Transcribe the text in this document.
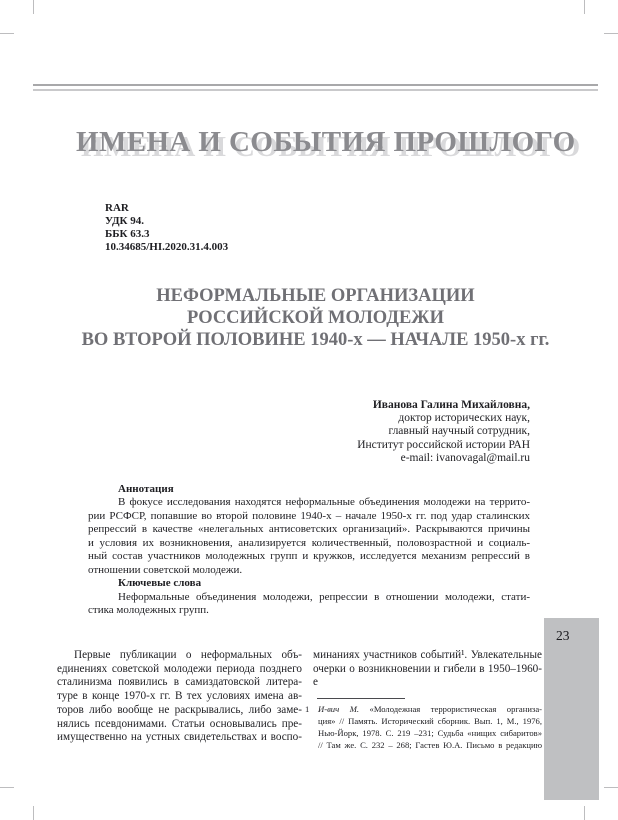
ИМЕНА И СОБЫТИЯ ПРОШЛОГО
RAR
УДК 94.
ББК 63.3
10.34685/HI.2020.31.4.003
НЕФОРМАЛЬНЫЕ ОРГАНИЗАЦИИ
РОССИЙСКОЙ МОЛОДЕЖИ
ВО ВТОРОЙ ПОЛОВИНЕ 1940-х — НАЧАЛЕ 1950-х гг.
Иванова Галина Михайловна,
доктор исторических наук,
главный научный сотрудник,
Институт российской истории РАН
e-mail: ivanovagal@mail.ru
Аннотация
В фокусе исследования находятся неформальные объединения молодежи на террито-
рии РСФСР, попавшие во второй половине 1940-х – начале 1950-х гг. под удар сталинских
репрессий в качестве «нелегальных антисоветских организаций». Раскрываются причины
и условия их возникновения, анализируется количественный, половозрастной и социаль-
ный состав участников молодежных групп и кружков, исследуется механизм репрессий в
отношении советской молодежи.
Ключевые слова
Неформальные объединения молодежи, репрессии в отношении молодежи, стати-
стика молодежных групп.
Первые публикации о неформальных объ-
единениях советской молодежи периода позднего
сталинизма появились в самиздатовской литера-
туре в конце 1970-х гг. В тех условиях имена ав-
торов либо вообще не раскрывались, либо заме-
нялись псевдонимами. Статьи основывались пре-
имущественно на устных свидетельствах и воспо-
минаниях участников событий¹. Увлекательные
очерки о возникновении и гибели в 1950–1960-е
1 И-вич М. «Молодежная террористическая организа-
ция» // Память. Исторический сборник. Вып. 1, М., 1976,
Нью-Йорк, 1978. С. 219 –231; Судьба «нищих сибаритов»
// Там же. С. 232 – 268; Гастев Ю.А. Письмо в редакцию
23
